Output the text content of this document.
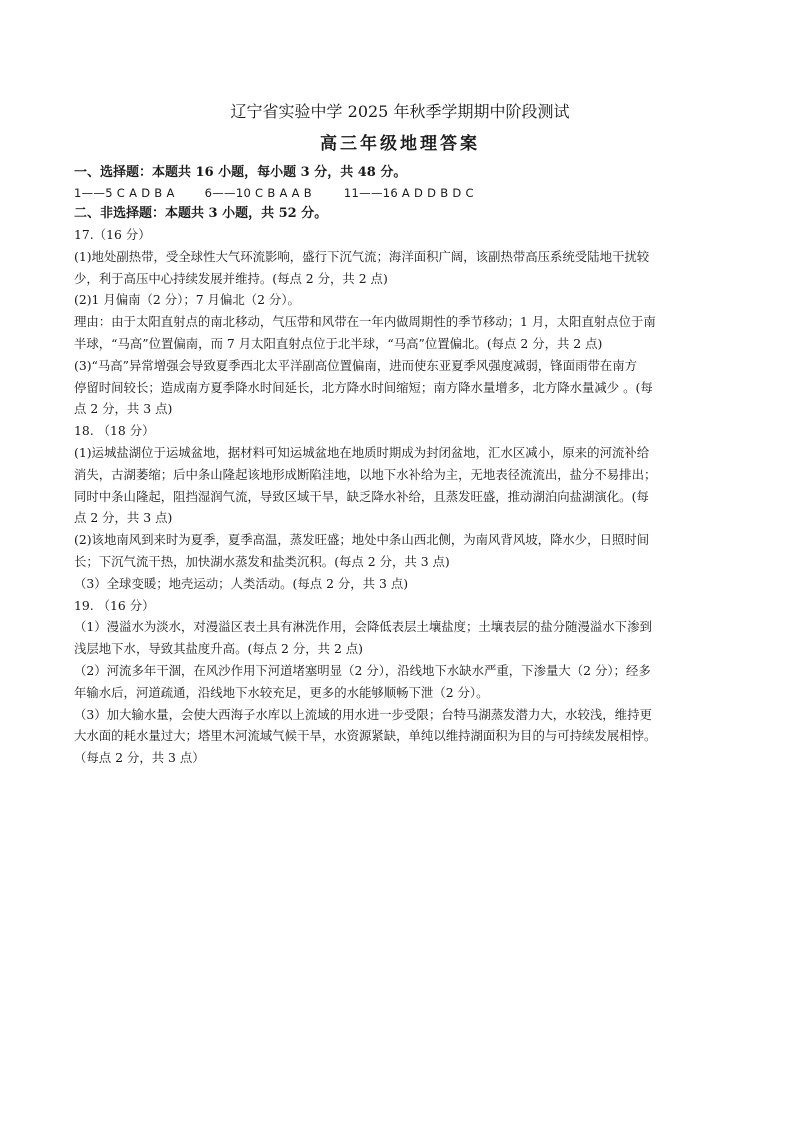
辽宁省实验中学 2025 年秋季学期期中阶段测试

高三年级地理答案

一、选择题：本题共 16 小题，每小题 3 分，共 48 分。

1——5 C A D B A	6——10 C B A A B	11——16 A D D B D C

二、非选择题：本题共 3 小题，共 52 分。

17.（16 分）

(1)地处副热带，受全球性大气环流影响，盛行下沉气流；海洋面积广阔，该副热带高压系统受陆地干扰较

少，利于高压中心持续发展并维持。(每点 2 分，共 2 点)

(2)1 月偏南（2 分）；7 月偏北（2 分）。

理由：由于太阳直射点的南北移动，气压带和风带在一年内做周期性的季节移动；1 月，太阳直射点位于南

半球，“马高”位置偏南，而 7 月太阳直射点位于北半球，“马高”位置偏北。(每点 2 分，共 2 点)

(3)“马高”异常增强会导致夏季西北太平洋副高位置偏南，进而使东亚夏季风强度减弱，锋面雨带在南方

停留时间较长；造成南方夏季降水时间延长，北方降水时间缩短；南方降水量增多，北方降水量减少 。(每

点 2 分，共 3 点)

18. （18 分）

(1)运城盐湖位于运城盆地，据材料可知运城盆地在地质时期成为封闭盆地，汇水区减小，原来的河流补给

消失，古湖萎缩；后中条山隆起该地形成断陷洼地，以地下水补给为主，无地表径流流出，盐分不易排出；

同时中条山隆起，阻挡湿润气流，导致区域干旱，缺乏降水补给，且蒸发旺盛，推动湖泊向盐湖演化。(每

点 2 分，共 3 点)

(2)该地南风到来时为夏季，夏季高温，蒸发旺盛；地处中条山西北侧，为南风背风坡，降水少，日照时间

长；下沉气流干热，加快湖水蒸发和盐类沉积。(每点 2 分，共 3 点)

（3）全球变暖；地壳运动；人类活动。(每点 2 分，共 3 点)

19. （16 分）

（1）漫溢水为淡水，对漫溢区表土具有淋洗作用，会降低表层土壤盐度；土壤表层的盐分随漫溢水下渗到

浅层地下水，导致其盐度升高。(每点 2 分，共 2 点)

（2）河流多年干涸，在风沙作用下河道堵塞明显（2 分），沿线地下水缺水严重，下渗量大（2 分）；经多

年输水后，河道疏通，沿线地下水较充足，更多的水能够顺畅下泄（2 分）。

（3）加大输水量，会使大西海子水库以上流域的用水进一步受限；台特马湖蒸发潜力大，水较浅，维持更

大水面的耗水量过大；塔里木河流域气候干旱，水资源紧缺，单纯以维持湖面积为目的与可持续发展相悖。

（每点 2 分，共 3 点）
